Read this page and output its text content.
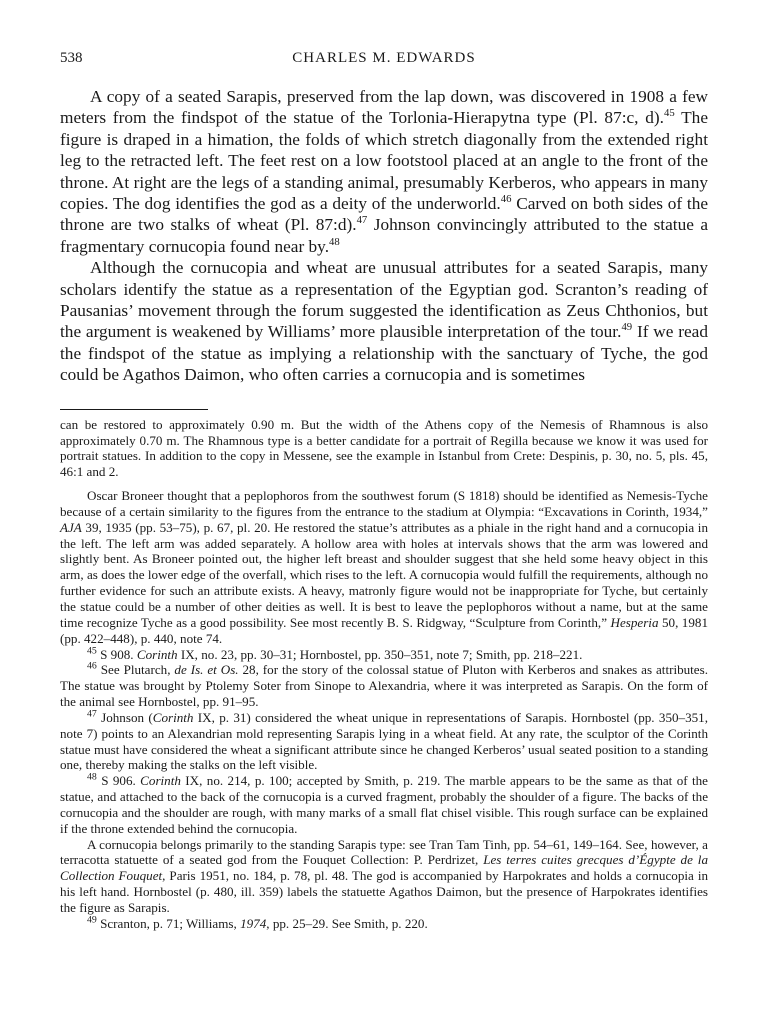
538	CHARLES M. EDWARDS

A copy of a seated Sarapis, preserved from the lap down, was discovered in 1908 a few meters from the findspot of the statue of the Torlonia-Hierapytna type (Pl. 87:c, d).$^{45}$ The figure is draped in a himation, the folds of which stretch diagonally from the extended right leg to the retracted left. The feet rest on a low footstool placed at an angle to the front of the throne. At right are the legs of a standing animal, presumably Kerberos, who appears in many copies. The dog identifies the god as a deity of the underworld.$^{46}$ Carved on both sides of the throne are two stalks of wheat (Pl. 87:d).$^{47}$ Johnson convincingly attributed to the statue a fragmentary cornucopia found near by.$^{48}$

Although the cornucopia and wheat are unusual attributes for a seated Sarapis, many scholars identify the statue as a representation of the Egyptian god. Scranton’s reading of Pausanias’ movement through the forum suggested the identification as Zeus Chthonios, but the argument is weakened by Williams’ more plausible interpretation of the tour.$^{49}$ If we read the findspot of the statue as implying a relationship with the sanctuary of Tyche, the god could be Agathos Daimon, who often carries a cornucopia and is sometimes

can be restored to approximately 0.90 m. But the width of the Athens copy of the Nemesis of Rhamnous is also approximately 0.70 m. The Rhamnous type is a better candidate for a portrait of Regilla because we know it was used for portrait statues. In addition to the copy in Messene, see the example in Istanbul from Crete: Despinis, p. 30, no. 5, pls. 45, 46:1 and 2.

Oscar Broneer thought that a peplophoros from the southwest forum (S 1818) should be identified as Nemesis-Tyche because of a certain similarity to the figures from the entrance to the stadium at Olympia: “Excavations in Corinth, 1934,” AJA 39, 1935 (pp. 53–75), p. 67, pl. 20. He restored the statue’s attributes as a phiale in the right hand and a cornucopia in the left. The left arm was added separately. A hollow area with holes at intervals shows that the arm was lowered and slightly bent. As Broneer pointed out, the higher left breast and shoulder suggest that she held some heavy object in this arm, as does the lower edge of the overfall, which rises to the left. A cornucopia would fulfill the requirements, although no further evidence for such an attribute exists. A heavy, matronly figure would not be inappropriate for Tyche, but certainly the statue could be a number of other deities as well. It is best to leave the peplophoros without a name, but at the same time recognize Tyche as a good possibility. See most recently B. S. Ridgway, “Sculpture from Corinth,” Hesperia 50, 1981 (pp. 422–448), p. 440, note 74.

$^{45}$ S 908. Corinth IX, no. 23, pp. 30–31; Hornbostel, pp. 350–351, note 7; Smith, pp. 218–221.

$^{46}$ See Plutarch, de Is. et Os. 28, for the story of the colossal statue of Pluton with Kerberos and snakes as attributes. The statue was brought by Ptolemy Soter from Sinope to Alexandria, where it was interpreted as Sarapis. On the form of the animal see Hornbostel, pp. 91–95.

$^{47}$ Johnson (Corinth IX, p. 31) considered the wheat unique in representations of Sarapis. Hornbostel (pp. 350–351, note 7) points to an Alexandrian mold representing Sarapis lying in a wheat field. At any rate, the sculptor of the Corinth statue must have considered the wheat a significant attribute since he changed Kerberos’ usual seated position to a standing one, thereby making the stalks on the left visible.

$^{48}$ S 906. Corinth IX, no. 214, p. 100; accepted by Smith, p. 219. The marble appears to be the same as that of the statue, and attached to the back of the cornucopia is a curved fragment, probably the shoulder of a figure. The backs of the cornucopia and the shoulder are rough, with many marks of a small flat chisel visible. This rough surface can be explained if the throne extended behind the cornucopia.

A cornucopia belongs primarily to the standing Sarapis type: see Tran Tam Tinh, pp. 54–61, 149–164. See, however, a terracotta statuette of a seated god from the Fouquet Collection: P. Perdrizet, Les terres cuites grecques d’Égypte de la Collection Fouquet, Paris 1951, no. 184, p. 78, pl. 48. The god is accompanied by Harpokrates and holds a cornucopia in his left hand. Hornbostel (p. 480, ill. 359) labels the statuette Agathos Daimon, but the presence of Harpokrates identifies the figure as Sarapis.

$^{49}$ Scranton, p. 71; Williams, 1974, pp. 25–29. See Smith, p. 220.
